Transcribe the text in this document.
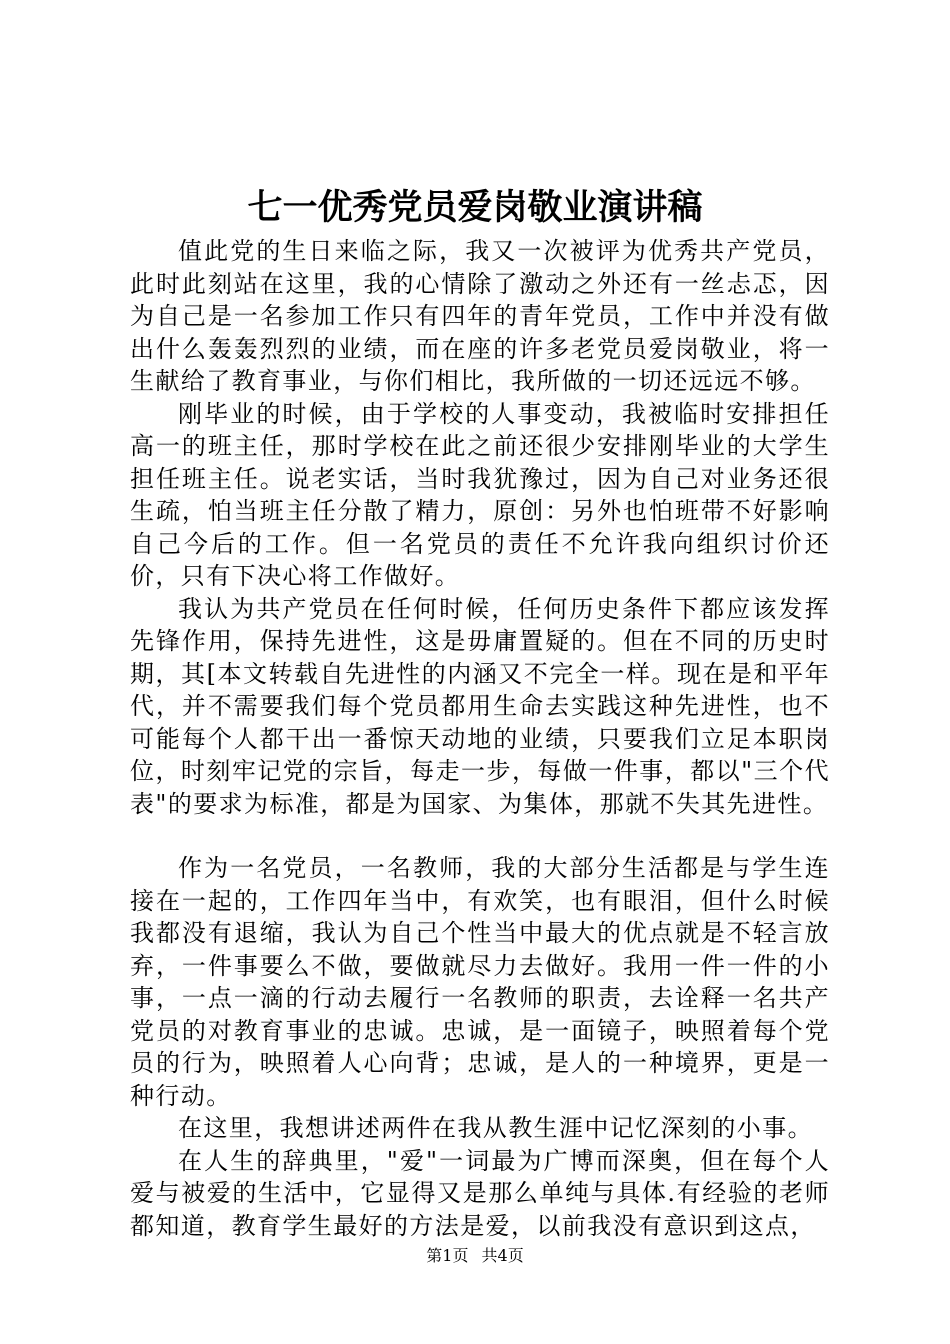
七一优秀党员爱岗敬业演讲稿

值此党的生日来临之际，我又一次被评为优秀共产党员，此时此刻站在这里，我的心情除了激动之外还有一丝忐忑，因为自己是一名参加工作只有四年的青年党员，工作中并没有做出什么轰轰烈烈的业绩，而在座的许多老党员爱岗敬业，将一生献给了教育事业，与你们相比，我所做的一切还远远不够。

刚毕业的时候，由于学校的人事变动，我被临时安排担任高一的班主任，那时学校在此之前还很少安排刚毕业的大学生担任班主任。说老实话，当时我犹豫过，因为自己对业务还很生疏，怕当班主任分散了精力，原创：另外也怕班带不好影响自己今后的工作。但一名党员的责任不允许我向组织讨价还价，只有下决心将工作做好。

我认为共产党员在任何时候，任何历史条件下都应该发挥先锋作用，保持先进性，这是毋庸置疑的。但在不同的历史时期，其[本文转载自先进性的内涵又不完全一样。现在是和平年代，并不需要我们每个党员都用生命去实践这种先进性，也不可能每个人都干出一番惊天动地的业绩，只要我们立足本职岗位，时刻牢记党的宗旨，每走一步，每做一件事，都以"三个代表"的要求为标准，都是为国家、为集体，那就不失其先进性。

作为一名党员，一名教师，我的大部分生活都是与学生连接在一起的，工作四年当中，有欢笑，也有眼泪，但什么时候我都没有退缩，我认为自己个性当中最大的优点就是不轻言放弃，一件事要么不做，要做就尽力去做好。我用一件一件的小事，一点一滴的行动去履行一名教师的职责，去诠释一名共产党员的对教育事业的忠诚。忠诚，是一面镜子，映照着每个党员的行为，映照着人心向背；忠诚，是人的一种境界，更是一种行动。

在这里，我想讲述两件在我从教生涯中记忆深刻的小事。

在人生的辞典里，"爱"一词最为广博而深奥，但在每个人爱与被爱的生活中，它显得又是那么单纯与具体.有经验的老师都知道，教育学生最好的方法是爱，以前我没有意识到这点，

第1页 共4页
